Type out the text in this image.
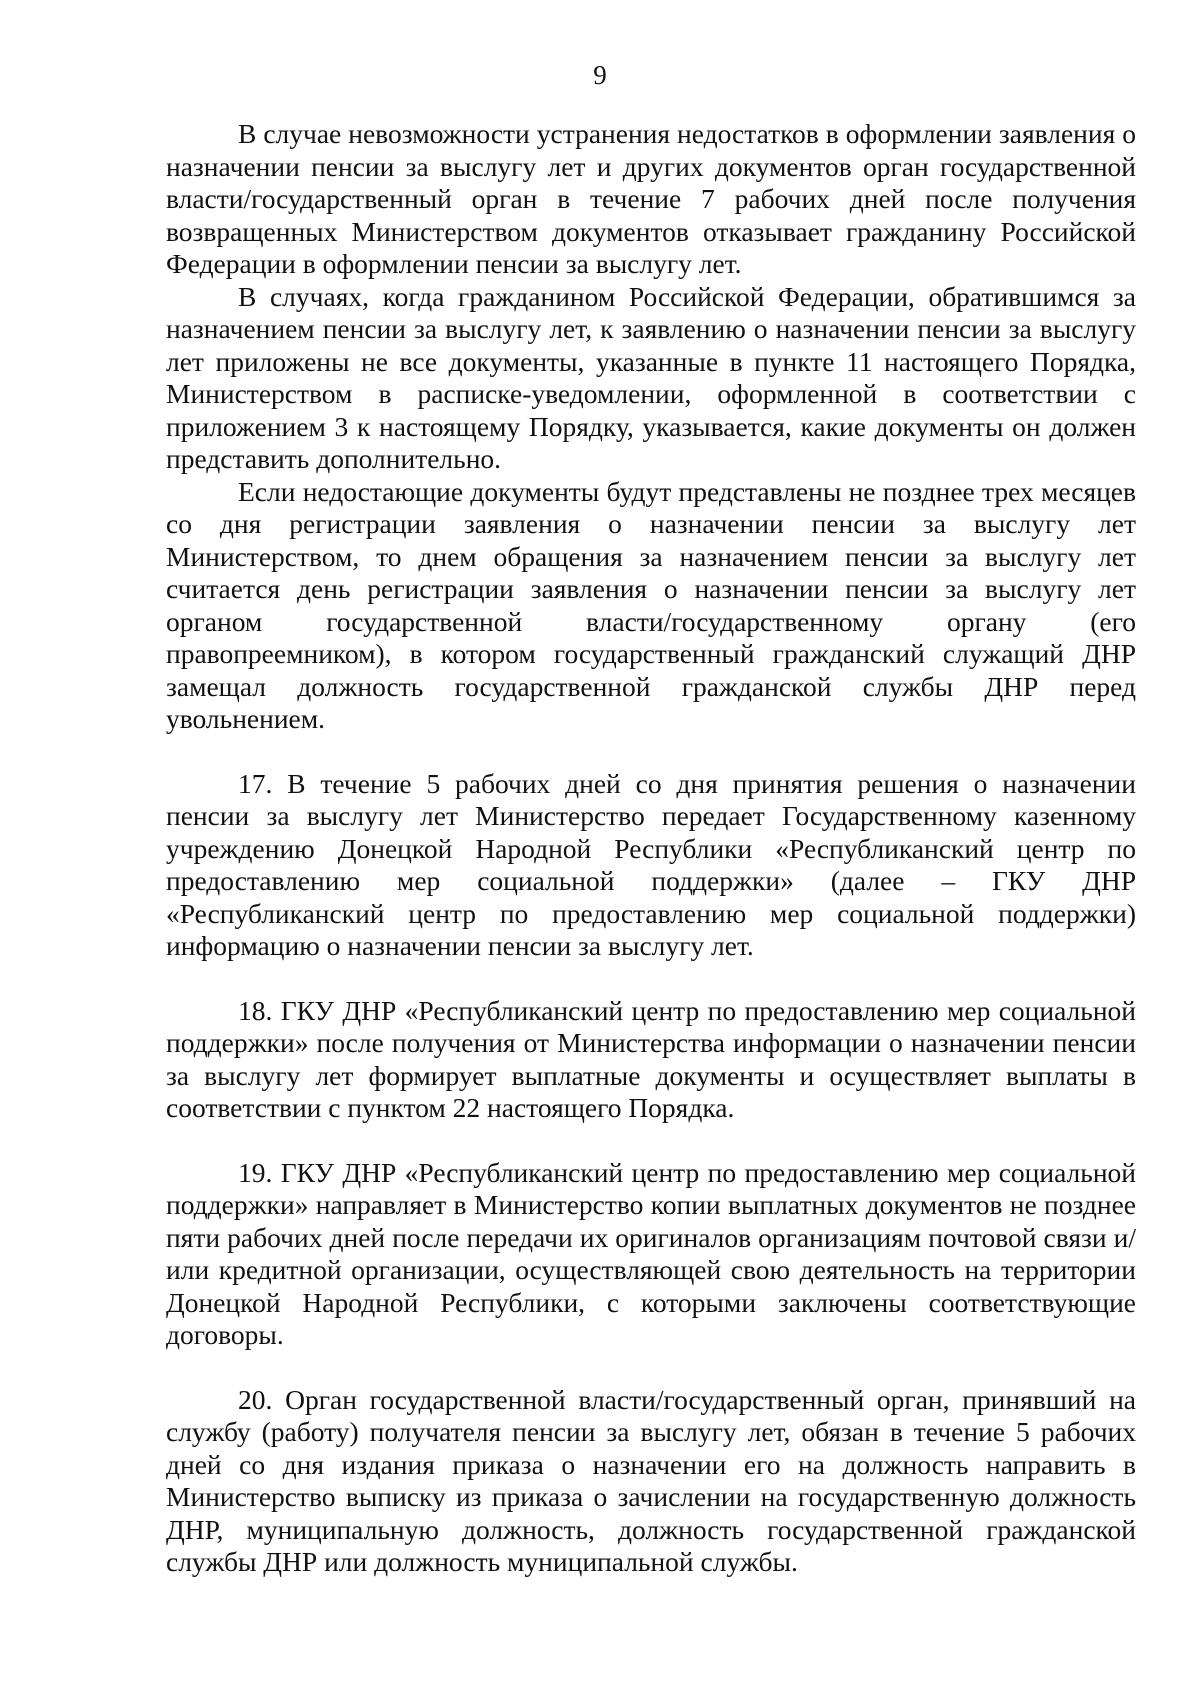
9

В случае невозможности устранения недостатков в оформлении заявления о назначении пенсии за выслугу лет и других документов орган государственной власти/государственный орган в течение 7 рабочих дней после получения возвращенных Министерством документов отказывает гражданину Российской Федерации в оформлении пенсии за выслугу лет.

В случаях, когда гражданином Российской Федерации, обратившимся за назначением пенсии за выслугу лет, к заявлению о назначении пенсии за выслугу лет приложены не все документы, указанные в пункте 11 настоящего Порядка, Министерством в расписке-уведомлении, оформленной в соответствии с приложением 3 к настоящему Порядку, указывается, какие документы он должен представить дополнительно.

Если недостающие документы будут представлены не позднее трех месяцев со дня регистрации заявления о назначении пенсии за выслугу лет Министерством, то днем обращения за назначением пенсии за выслугу лет считается день регистрации заявления о назначении пенсии за выслугу лет органом государственной власти/государственному органу (его правопреемником), в котором государственный гражданский служащий ДНР замещал должность государственной гражданской службы ДНР перед увольнением.

17. В течение 5 рабочих дней со дня принятия решения о назначении пенсии за выслугу лет Министерство передает Государственному казенному учреждению Донецкой Народной Республики «Республиканский центр по предоставлению мер социальной поддержки» (далее – ГКУ ДНР «Республиканский центр по предоставлению мер социальной поддержки) информацию о назначении пенсии за выслугу лет.

18. ГКУ ДНР «Республиканский центр по предоставлению мер социальной поддержки» после получения от Министерства информации о назначении пенсии за выслугу лет формирует выплатные документы и осуществляет выплаты в соответствии с пунктом 22 настоящего Порядка.

19. ГКУ ДНР «Республиканский центр по предоставлению мер социальной поддержки» направляет в Министерство копии выплатных документов не позднее пяти рабочих дней после передачи их оригиналов организациям почтовой связи и/или кредитной организации, осуществляющей свою деятельность на территории Донецкой Народной Республики, с которыми заключены соответствующие договоры.

20. Орган государственной власти/государственный орган, принявший на службу (работу) получателя пенсии за выслугу лет, обязан в течение 5 рабочих дней со дня издания приказа о назначении его на должность направить в Министерство выписку из приказа о зачислении на государственную должность ДНР, муниципальную должность, должность государственной гражданской службы ДНР или должность муниципальной службы.
